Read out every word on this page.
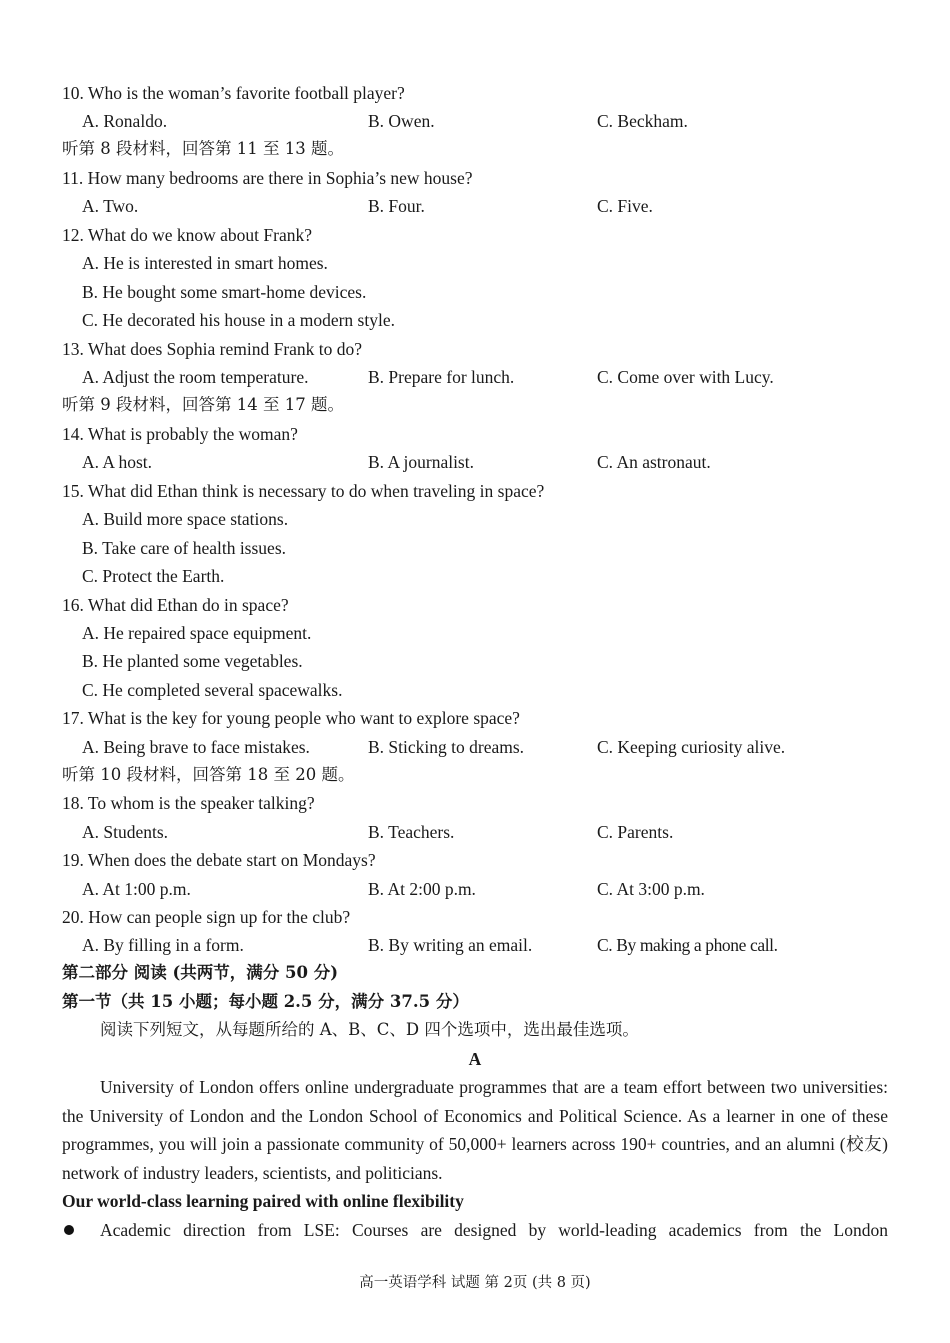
10. Who is the woman’s favorite football player?
A. Ronaldo.	B. Owen.	C. Beckham.
听第 8 段材料，回答第 11 至 13 题。
11. How many bedrooms are there in Sophia’s new house?
A. Two.	B. Four.	C. Five.
12. What do we know about Frank?
A. He is interested in smart homes.
B. He bought some smart-home devices.
C. He decorated his house in a modern style.
13. What does Sophia remind Frank to do?
A. Adjust the room temperature.	B. Prepare for lunch.	C. Come over with Lucy.
听第 9 段材料，回答第 14 至 17 题。
14. What is probably the woman?
A. A host.	B. A journalist.	C. An astronaut.
15. What did Ethan think is necessary to do when traveling in space?
A. Build more space stations.
B. Take care of health issues.
C. Protect the Earth.
16. What did Ethan do in space?
A. He repaired space equipment.
B. He planted some vegetables.
C. He completed several spacewalks.
17. What is the key for young people who want to explore space?
A. Being brave to face mistakes.	B. Sticking to dreams.	C. Keeping curiosity alive.
听第 10 段材料，回答第 18 至 20 题。
18. To whom is the speaker talking?
A. Students.	B. Teachers.	C. Parents.
19. When does the debate start on Mondays?
A. At 1:00 p.m.	B. At 2:00 p.m.	C. At 3:00 p.m.
20. How can people sign up for the club?
A. By filling in a form.	B. By writing an email.	C. By making a phone call.
第二部分 阅读 (共两节，满分 50 分)
第一节（共 15 小题；每小题 2.5 分，满分 37.5 分）
阅读下列短文，从每题所给的 A、B、C、D 四个选项中，选出最佳选项。
A
University of London offers online undergraduate programmes that are a team effort between two universities: the University of London and the London School of Economics and Political Science. As a learner in one of these programmes, you will join a passionate community of 50,000+ learners across 190+ countries, and an alumni (校友) network of industry leaders, scientists, and politicians.
Our world-class learning paired with online flexibility
Academic direction from LSE: Courses are designed by world-leading academics from the London
高一英语学科 试题 第 2页 (共 8 页)
